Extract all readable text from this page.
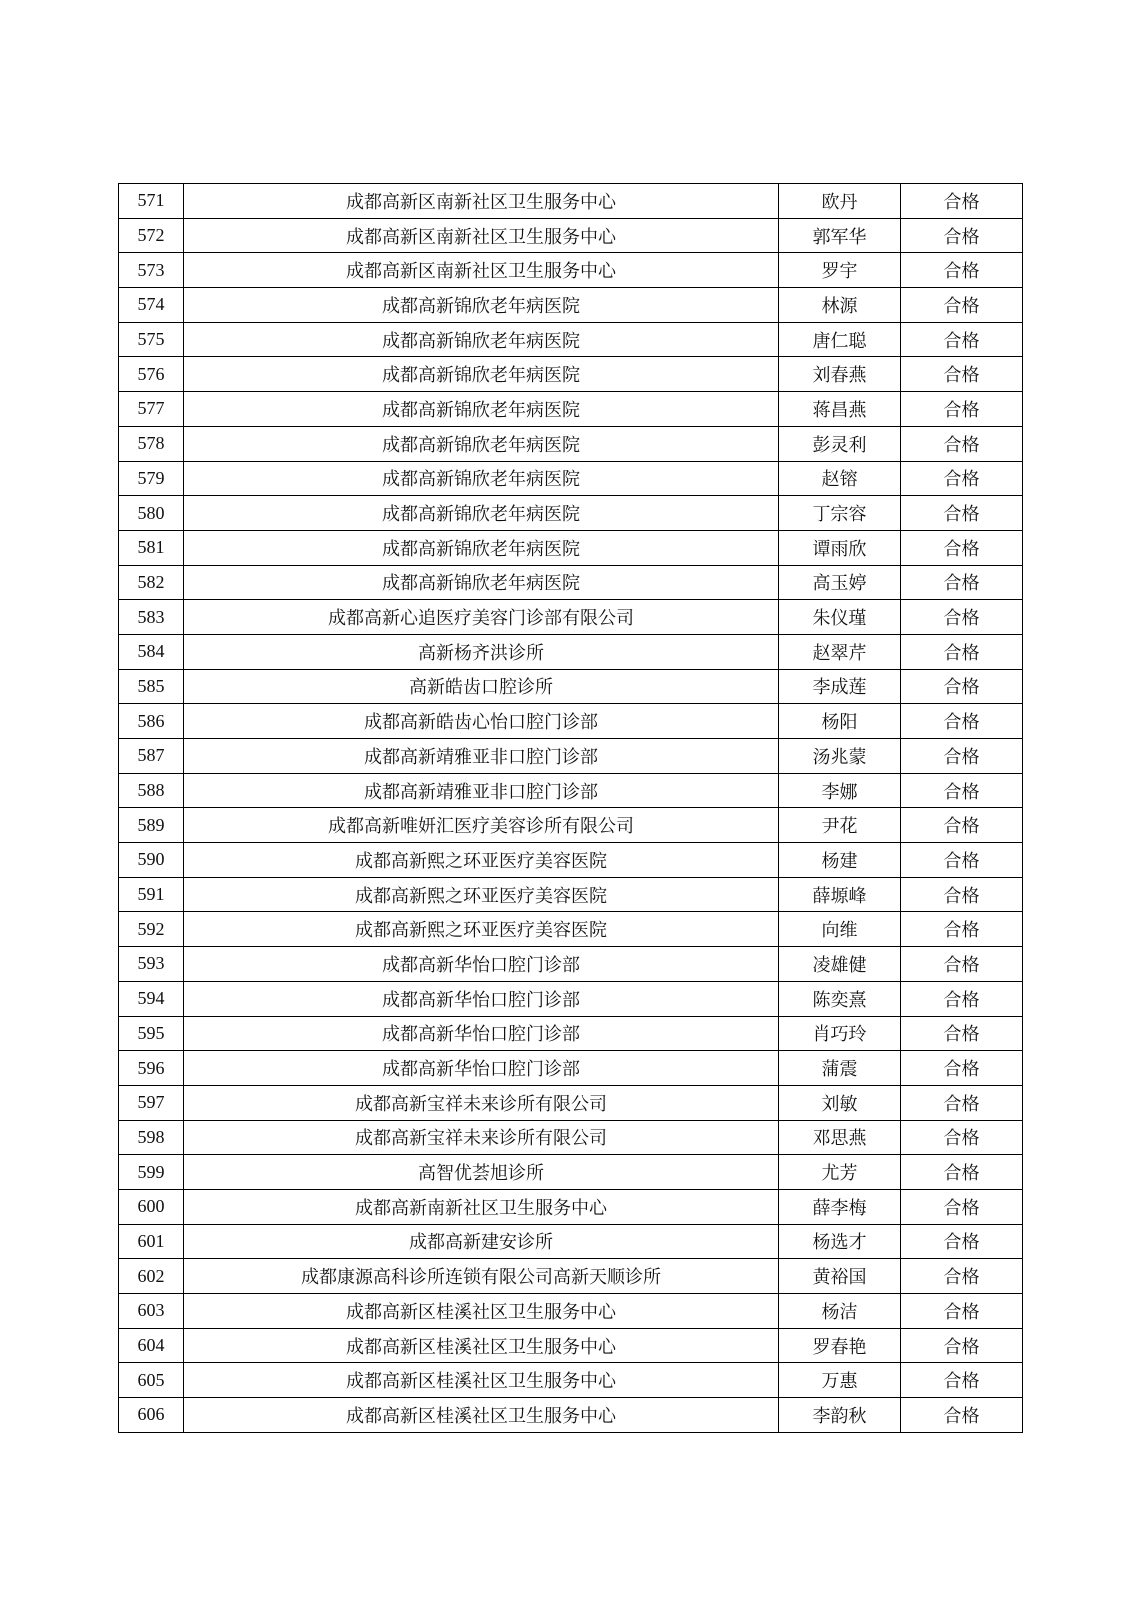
571	成都高新区南新社区卫生服务中心	欧丹	合格
572	成都高新区南新社区卫生服务中心	郭军华	合格
573	成都高新区南新社区卫生服务中心	罗宇	合格
574	成都高新锦欣老年病医院	林源	合格
575	成都高新锦欣老年病医院	唐仁聪	合格
576	成都高新锦欣老年病医院	刘春燕	合格
577	成都高新锦欣老年病医院	蒋昌燕	合格
578	成都高新锦欣老年病医院	彭灵利	合格
579	成都高新锦欣老年病医院	赵镕	合格
580	成都高新锦欣老年病医院	丁宗容	合格
581	成都高新锦欣老年病医院	谭雨欣	合格
582	成都高新锦欣老年病医院	高玉婷	合格
583	成都高新心追医疗美容门诊部有限公司	朱仪瑾	合格
584	高新杨齐洪诊所	赵翠芹	合格
585	高新皓齿口腔诊所	李成莲	合格
586	成都高新皓齿心怡口腔门诊部	杨阳	合格
587	成都高新靖雅亚非口腔门诊部	汤兆蒙	合格
588	成都高新靖雅亚非口腔门诊部	李娜	合格
589	成都高新唯妍汇医疗美容诊所有限公司	尹花	合格
590	成都高新熙之环亚医疗美容医院	杨建	合格
591	成都高新熙之环亚医疗美容医院	薛塬峰	合格
592	成都高新熙之环亚医疗美容医院	向维	合格
593	成都高新华怡口腔门诊部	凌雄健	合格
594	成都高新华怡口腔门诊部	陈奕熹	合格
595	成都高新华怡口腔门诊部	肖巧玲	合格
596	成都高新华怡口腔门诊部	蒲震	合格
597	成都高新宝祥未来诊所有限公司	刘敏	合格
598	成都高新宝祥未来诊所有限公司	邓思燕	合格
599	高智优荟旭诊所	尤芳	合格
600	成都高新南新社区卫生服务中心	薛李梅	合格
601	成都高新建安诊所	杨选才	合格
602	成都康源高科诊所连锁有限公司高新天顺诊所	黄裕国	合格
603	成都高新区桂溪社区卫生服务中心	杨洁	合格
604	成都高新区桂溪社区卫生服务中心	罗春艳	合格
605	成都高新区桂溪社区卫生服务中心	万惠	合格
606	成都高新区桂溪社区卫生服务中心	李韵秋	合格
